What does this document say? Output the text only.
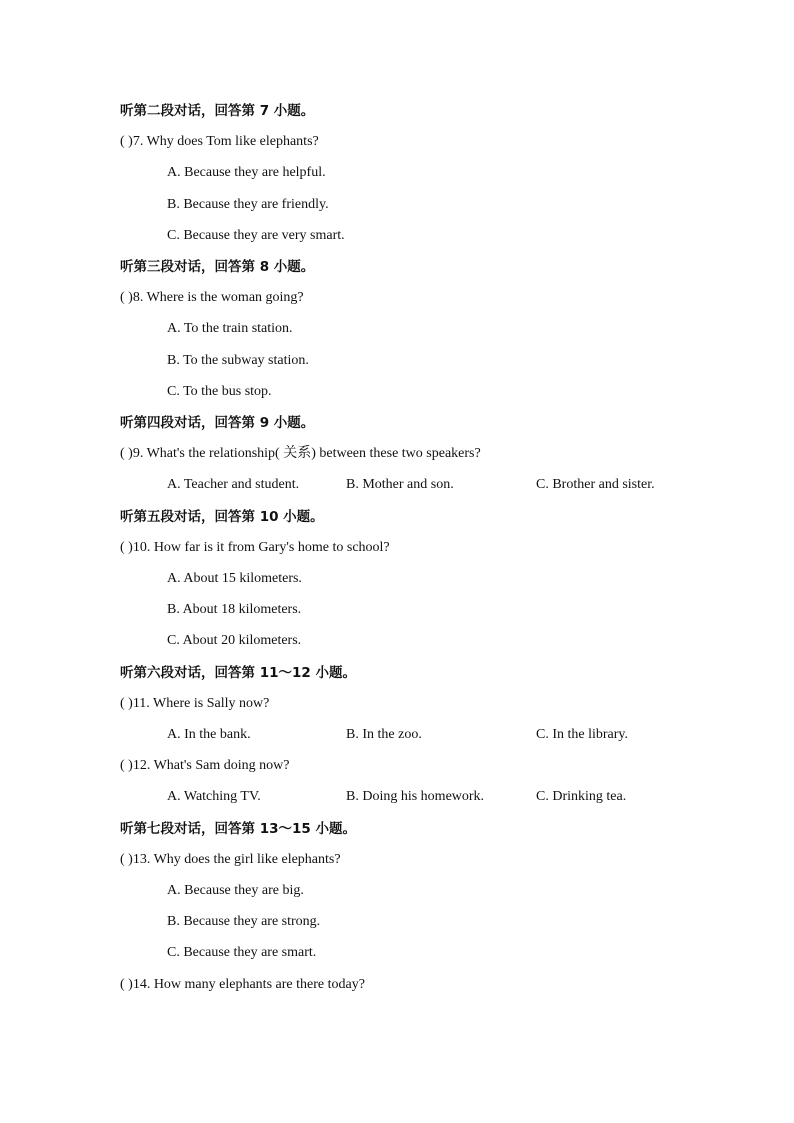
听第二段对话，回答第 7 小题。
( )7. Why does Tom like elephants?
A. Because they are helpful.
B. Because they are friendly.
C. Because they are very smart.
听第三段对话，回答第 8 小题。
( )8. Where is the woman going?
A. To the train station.
B. To the subway station.
C. To the bus stop.
听第四段对话，回答第 9 小题。
( )9. What's the relationship( 关系) between these two speakers?
A. Teacher and student.	B. Mother and son.	C. Brother and sister.
听第五段对话，回答第 10 小题。
( )10. How far is it from Gary's home to school?
A. About 15 kilometers.
B. About 18 kilometers.
C. About 20 kilometers.
听第六段对话，回答第 11～12 小题。
( )11. Where is Sally now?
A. In the bank.	B. In the zoo.	C. In the library.
( )12. What's Sam doing now?
A. Watching TV.	B. Doing his homework.	C. Drinking tea.
听第七段对话，回答第 13～15 小题。
( )13. Why does the girl like elephants?
A. Because they are big.
B. Because they are strong.
C. Because they are smart.
( )14. How many elephants are there today?
